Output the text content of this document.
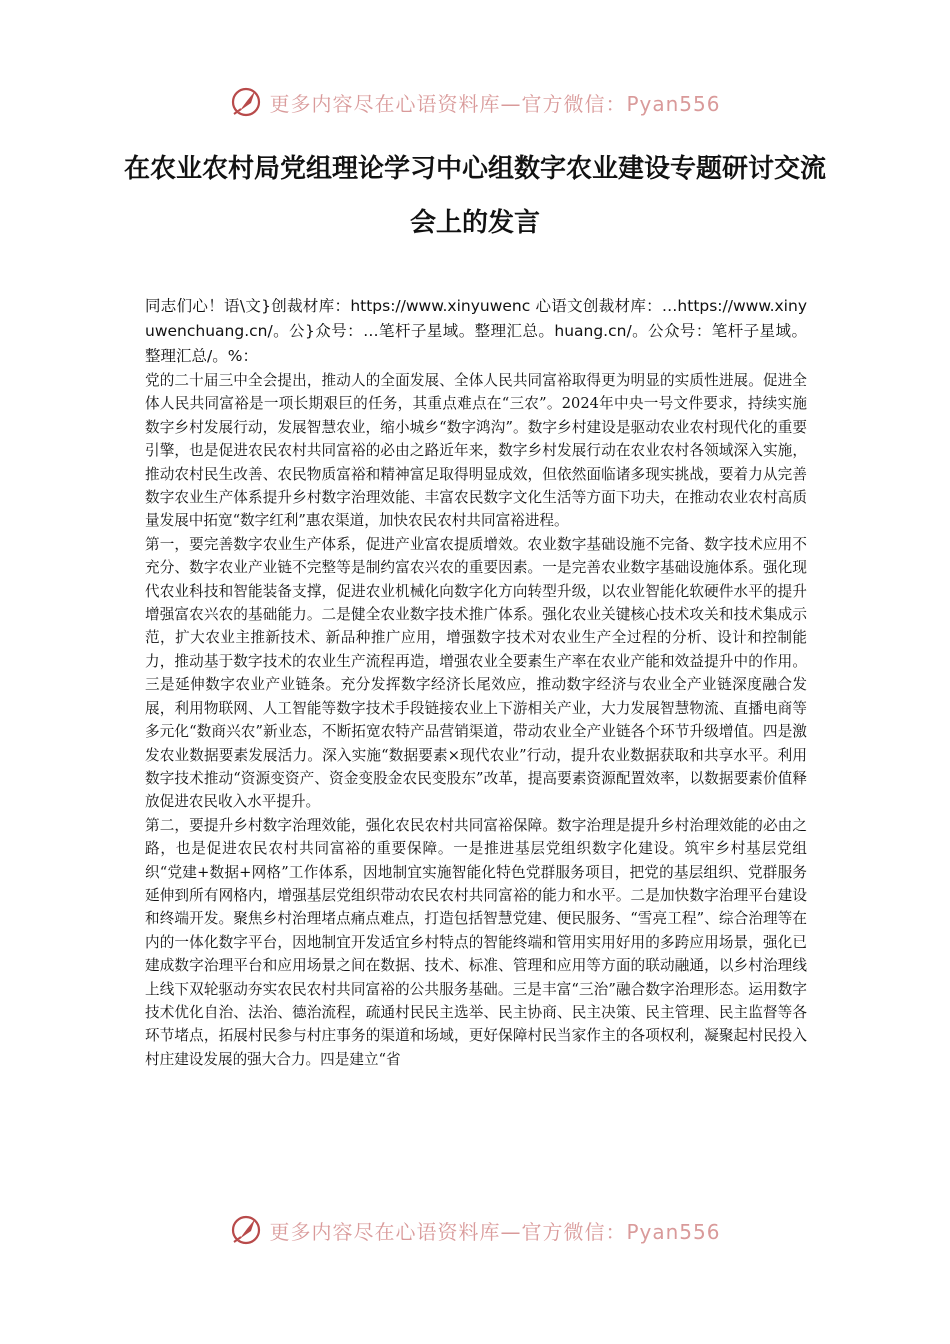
更多内容尽在心语资料库—官方微信：Pyan556
在农业农村局党组理论学习中心组数字农业建设专题研讨交流会上的发言

同志们心！语\文}创裁材库：https://www.xinyuwenc 心语文创裁材库：…https://www.xinyuwenchuang.cn/。公}众号：…笔杆子星域。整理汇总。huang.cn/。公众号：笔杆子星域。整理汇总/。%：

党的二十届三中全会提出，推动人的全面发展、全体人民共同富裕取得更为明显的实质性进展。促进全体人民共同富裕是一项长期艰巨的任务，其重点难点在“三农”。2024年中央一号文件要求，持续实施数字乡村发展行动，发展智慧农业，缩小城乡“数字鸿沟”。数字乡村建设是驱动农业农村现代化的重要引擎，也是促进农民农村共同富裕的必由之路近年来，数字乡村发展行动在农业农村各领域深入实施，推动农村民生改善、农民物质富裕和精神富足取得明显成效，但依然面临诸多现实挑战，要着力从完善数字农业生产体系提升乡村数字治理效能、丰富农民数字文化生活等方面下功夫，在推动农业农村高质量发展中拓宽“数字红利”惠农渠道，加快农民农村共同富裕进程。

第一，要完善数字农业生产体系，促进产业富农提质增效。农业数字基础设施不完备、数字技术应用不充分、数字农业产业链不完整等是制约富农兴农的重要因素。一是完善农业数字基础设施体系。强化现代农业科技和智能装备支撑，促进农业机械化向数字化方向转型升级，以农业智能化软硬件水平的提升增强富农兴农的基础能力。二是健全农业数字技术推广体系。强化农业关键核心技术攻关和技术集成示范，扩大农业主推新技术、新品种推广应用，增强数字技术对农业生产全过程的分析、设计和控制能力，推动基于数字技术的农业生产流程再造，增强农业全要素生产率在农业产能和效益提升中的作用。三是延伸数字农业产业链条。充分发挥数字经济长尾效应，推动数字经济与农业全产业链深度融合发展，利用物联网、人工智能等数字技术手段链接农业上下游相关产业，大力发展智慧物流、直播电商等多元化“数商兴农”新业态，不断拓宽农特产品营销渠道，带动农业全产业链各个环节升级增值。四是激发农业数据要素发展活力。深入实施“数据要素×现代农业”行动，提升农业数据获取和共享水平。利用数字技术推动“资源变资产、资金变股金农民变股东”改革，提高要素资源配置效率，以数据要素价值释放促进农民收入水平提升。

第二，要提升乡村数字治理效能，强化农民农村共同富裕保障。数字治理是提升乡村治理效能的必由之路，也是促进农民农村共同富裕的重要保障。一是推进基层党组织数字化建设。筑牢乡村基层党组织“党建+数据+网格”工作体系，因地制宜实施智能化特色党群服务项目，把党的基层组织、党群服务延伸到所有网格内，增强基层党组织带动农民农村共同富裕的能力和水平。二是加快数字治理平台建设和终端开发。聚焦乡村治理堵点痛点难点，打造包括智慧党建、便民服务、“雪亮工程”、综合治理等在内的一体化数字平台，因地制宜开发适宜乡村特点的智能终端和管用实用好用的多跨应用场景，强化已建成数字治理平台和应用场景之间在数据、技术、标准、管理和应用等方面的联动融通，以乡村治理线上线下双轮驱动夯实农民农村共同富裕的公共服务基础。三是丰富“三治”融合数字治理形态。运用数字技术优化自治、法治、德治流程，疏通村民民主选举、民主协商、民主决策、民主管理、民主监督等各环节堵点，拓展村民参与村庄事务的渠道和场域，更好保障村民当家作主的各项权利，凝聚起村民投入村庄建设发展的强大合力。四是建立“省

更多内容尽在心语资料库—官方微信：Pyan556
